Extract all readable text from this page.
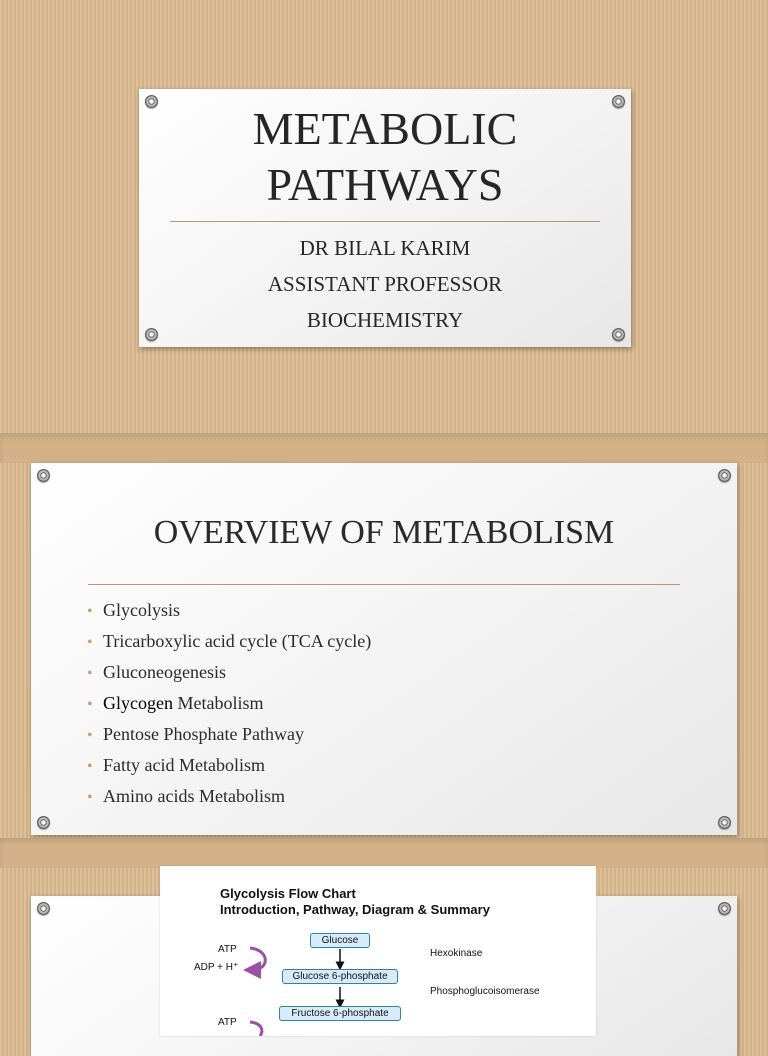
METABOLIC
PATHWAYS
DR BILAL KARIM
ASSISTANT PROFESSOR
BIOCHEMISTRY
OVERVIEW OF METABOLISM
• Glycolysis
• Tricarboxylic acid cycle (TCA cycle)
• Gluconeogenesis
• Glycogen Metabolism
• Pentose Phosphate Pathway
• Fatty acid Metabolism
• Amino acids Metabolism
Glycolysis Flow Chart
Introduction, Pathway, Diagram & Summary
Glucose
Glucose 6-phosphate
Fructose 6-phosphate
ATP
ADP + H⁺
ATP
Hexokinase
Phosphoglucoisomerase
